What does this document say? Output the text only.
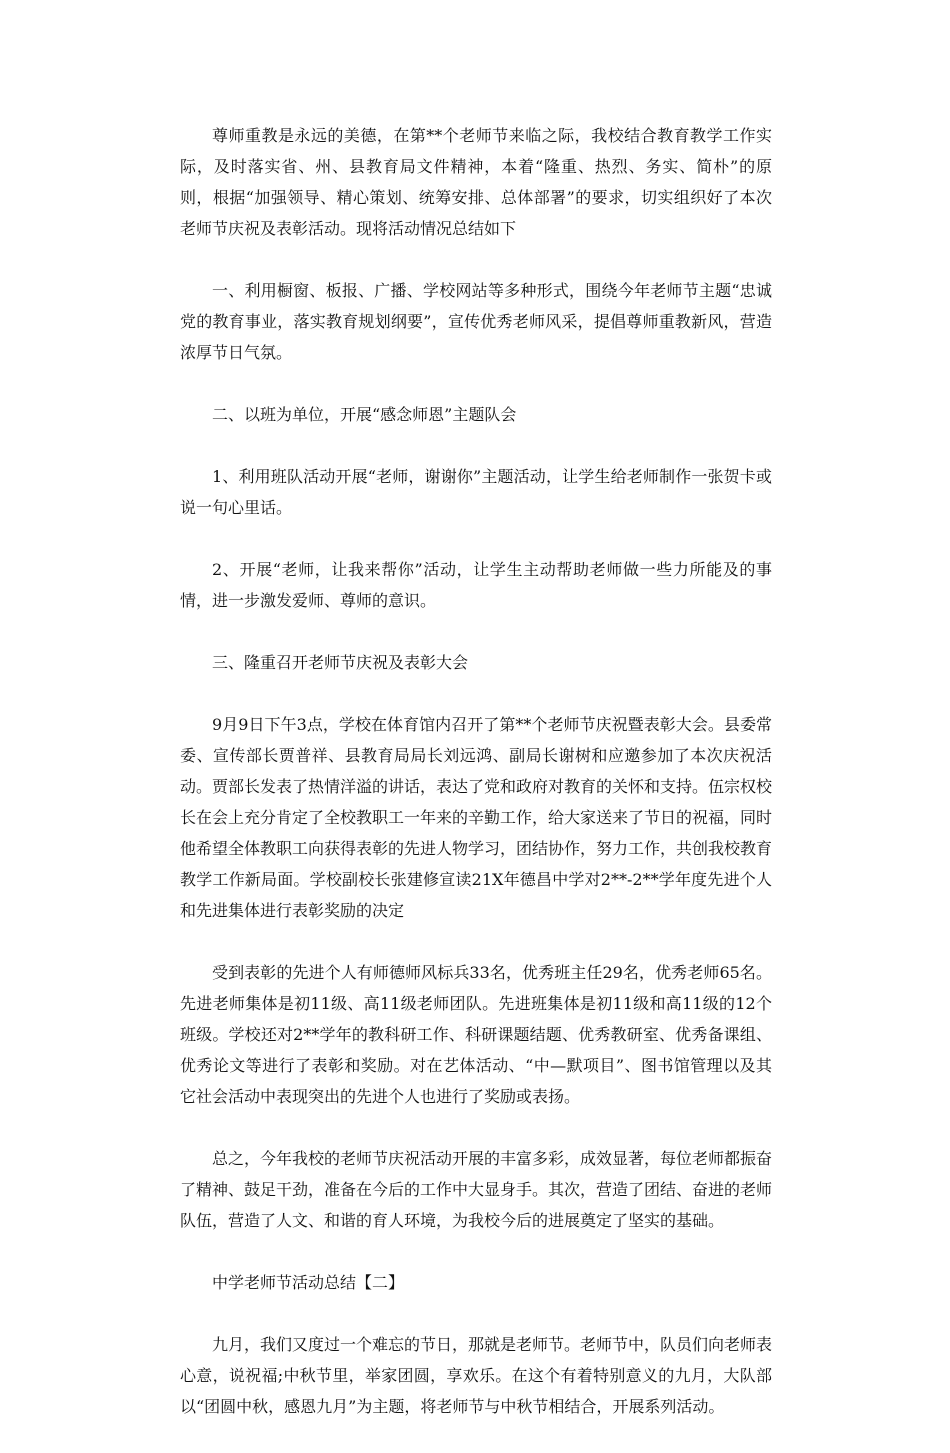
尊师重教是永远的美德，在第**个老师节来临之际，我校结合教育教学工作实际，及时落实省、州、县教育局文件精神，本着“隆重、热烈、务实、简朴”的原则，根据“加强领导、精心策划、统筹安排、总体部署”的要求，切实组织好了本次老师节庆祝及表彰活动。现将活动情况总结如下

一、利用橱窗、板报、广播、学校网站等多种形式，围绕今年老师节主题“忠诚党的教育事业，落实教育规划纲要”，宣传优秀老师风采，提倡尊师重教新风，营造浓厚节日气氛。

二、以班为单位，开展“感念师恩”主题队会

1、利用班队活动开展“老师，谢谢你”主题活动，让学生给老师制作一张贺卡或说一句心里话。

2、开展“老师，让我来帮你”活动，让学生主动帮助老师做一些力所能及的事情，进一步激发爱师、尊师的意识。

三、隆重召开老师节庆祝及表彰大会

9月9日下午3点，学校在体育馆内召开了第**个老师节庆祝暨表彰大会。县委常委、宣传部长贾普祥、县教育局局长刘远鸿、副局长谢树和应邀参加了本次庆祝活动。贾部长发表了热情洋溢的讲话，表达了党和政府对教育的关怀和支持。伍宗权校长在会上充分肯定了全校教职工一年来的辛勤工作，给大家送来了节日的祝福，同时他希望全体教职工向获得表彰的先进人物学习，团结协作，努力工作，共创我校教育教学工作新局面。学校副校长张建修宣读21X年德昌中学对2**-2**学年度先进个人和先进集体进行表彰奖励的决定

受到表彰的先进个人有师德师风标兵33名，优秀班主任29名，优秀老师65名。先进老师集体是初11级、高11级老师团队。先进班集体是初11级和高11级的12个班级。学校还对2**学年的教科研工作、科研课题结题、优秀教研室、优秀备课组、优秀论文等进行了表彰和奖励。对在艺体活动、“中—默项目”、图书馆管理以及其它社会活动中表现突出的先进个人也进行了奖励或表扬。

总之，今年我校的老师节庆祝活动开展的丰富多彩，成效显著，每位老师都振奋了精神、鼓足干劲，准备在今后的工作中大显身手。其次，营造了团结、奋进的老师队伍，营造了人文、和谐的育人环境，为我校今后的进展奠定了坚实的基础。

中学老师节活动总结【二】

九月，我们又度过一个难忘的节日，那就是老师节。老师节中，队员们向老师表心意，说祝福;中秋节里，举家团圆，享欢乐。在这个有着特别意义的九月，大队部以“团圆中秋，感恩九月”为主题，将老师节与中秋节相结合，开展系列活动。
